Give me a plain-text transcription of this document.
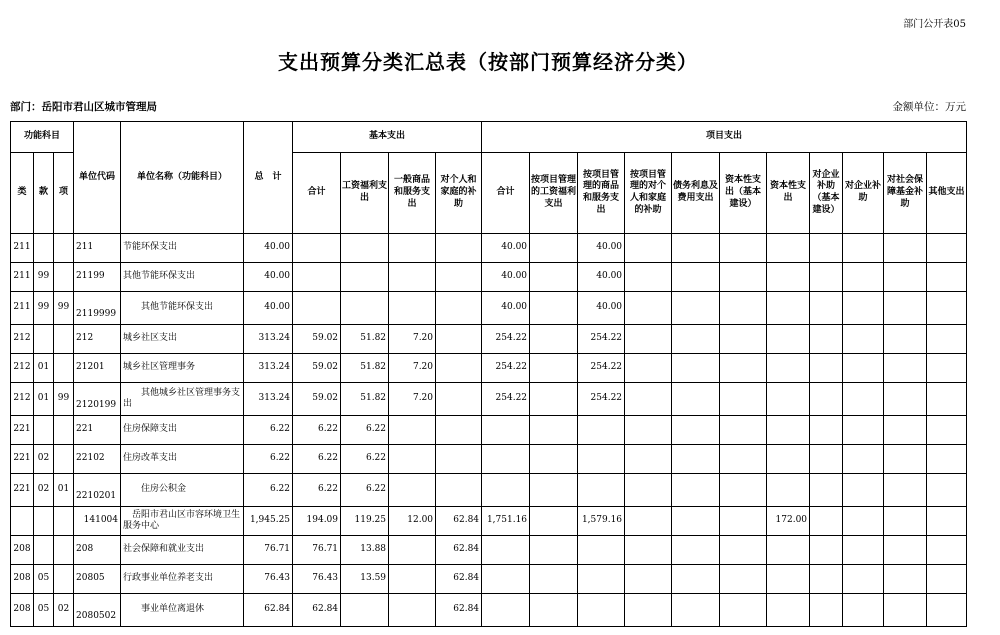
部门公开表05
支出预算分类汇总表（按部门预算经济分类）
部门：岳阳市君山区城市管理局	金额单位：万元
功能科目			单位代码	单位名称（功能科目）	总　计	基本支出				项目支出										
类	款	项				合计	工资福利支出	一般商品和服务支出	对个人和家庭的补助	合计	按项目管理的工资福利支出	按项目管理的商品和服务支出	按项目管理的对个人和家庭的补助	债务利息及费用支出	资本性支出（基本建设）	资本性支出	对企业补助（基本建设）	对企业补助	对社会保障基金补助	其他支出
211			211	节能环保支出	40.00					40.00		40.00								
211	99		21199	其他节能环保支出	40.00					40.00		40.00								
211	99	99	2119999	　　其他节能环保支出	40.00					40.00		40.00								
212			212	城乡社区支出	313.24	59.02	51.82	7.20		254.22		254.22								
212	01		21201	城乡社区管理事务	313.24	59.02	51.82	7.20		254.22		254.22								
212	01	99	2120199	　　其他城乡社区管理事务支出	313.24	59.02	51.82	7.20		254.22		254.22								
221			221	住房保障支出	6.22	6.22	6.22													
221	02		22102	住房改革支出	6.22	6.22	6.22													
221	02	01	2210201	　　住房公积金	6.22	6.22	6.22													
			141004	　岳阳市君山区市容环境卫生服务中心	1,945.25	194.09	119.25	12.00	62.84	1,751.16		1,579.16				172.00				
208			208	社会保障和就业支出	76.71	76.71	13.88		62.84											
208	05		20805	行政事业单位养老支出	76.43	76.43	13.59		62.84											
208	05	02	2080502	　　事业单位离退休	62.84	62.84			62.84											
